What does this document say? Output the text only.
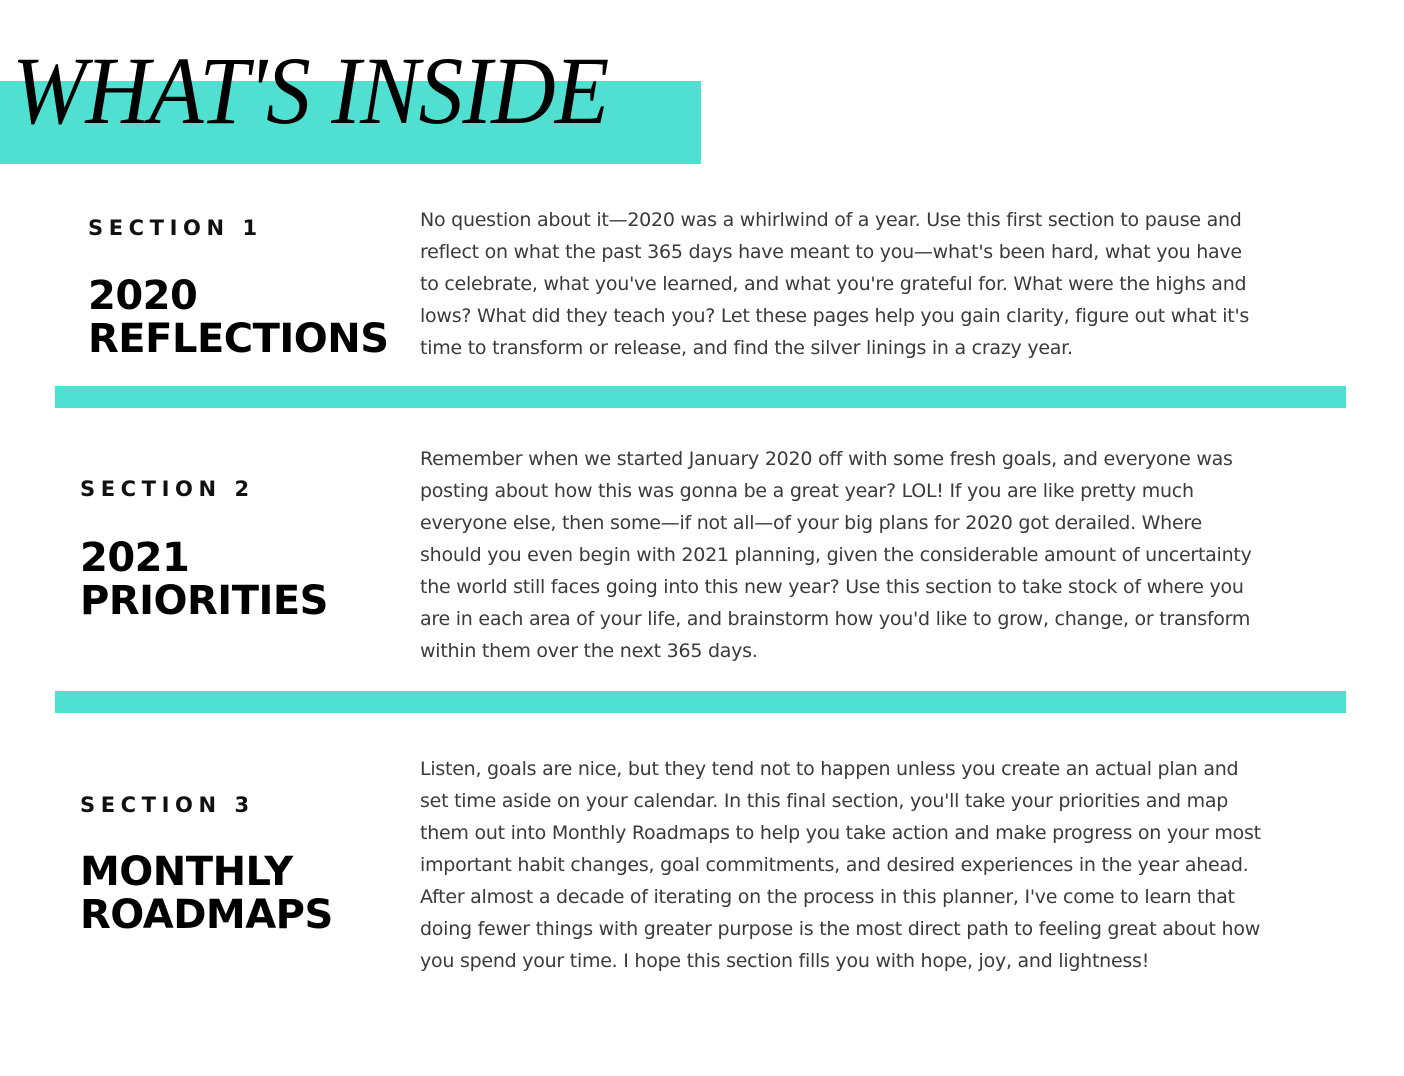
WHAT'S INSIDE
SECTION 1
2020
REFLECTIONS
No question about it—2020 was a whirlwind of a year. Use this first section to pause and
reflect on what the past 365 days have meant to you—what's been hard, what you have
to celebrate, what you've learned, and what you're grateful for. What were the highs and
lows? What did they teach you? Let these pages help you gain clarity, figure out what it's
time to transform or release, and find the silver linings in a crazy year.
SECTION 2
2021
PRIORITIES
Remember when we started January 2020 off with some fresh goals, and everyone was
posting about how this was gonna be a great year? LOL! If you are like pretty much
everyone else, then some—if not all—of your big plans for 2020 got derailed. Where
should you even begin with 2021 planning, given the considerable amount of uncertainty
the world still faces going into this new year? Use this section to take stock of where you
are in each area of your life, and brainstorm how you'd like to grow, change, or transform
within them over the next 365 days.
SECTION 3
MONTHLY
ROADMAPS
Listen, goals are nice, but they tend not to happen unless you create an actual plan and
set time aside on your calendar. In this final section, you'll take your priorities and map
them out into Monthly Roadmaps to help you take action and make progress on your most
important habit changes, goal commitments, and desired experiences in the year ahead.
After almost a decade of iterating on the process in this planner, I've come to learn that
doing fewer things with greater purpose is the most direct path to feeling great about how
you spend your time. I hope this section fills you with hope, joy, and lightness!
